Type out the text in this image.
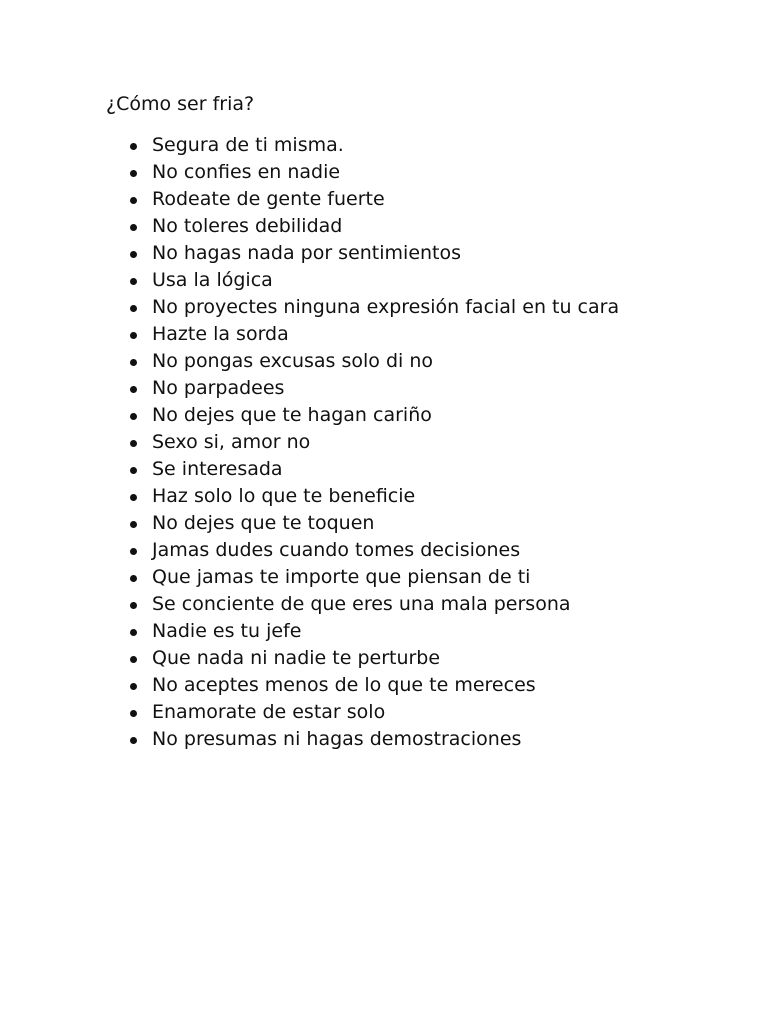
¿Cómo ser fria?
Segura de ti misma.
No confies en nadie
Rodeate de gente fuerte
No toleres debilidad
No hagas nada por sentimientos
Usa la lógica
No proyectes ninguna expresión facial en tu cara
Hazte la sorda
No pongas excusas solo di no
No parpadees
No dejes que te hagan cariño
Sexo si, amor no
Se interesada
Haz solo lo que te beneficie
No dejes que te toquen
Jamas dudes cuando tomes decisiones
Que jamas te importe que piensan de ti
Se conciente de que eres una mala persona
Nadie es tu jefe
Que nada ni nadie te perturbe
No aceptes menos de lo que te mereces
Enamorate de estar solo
No presumas ni hagas demostraciones
